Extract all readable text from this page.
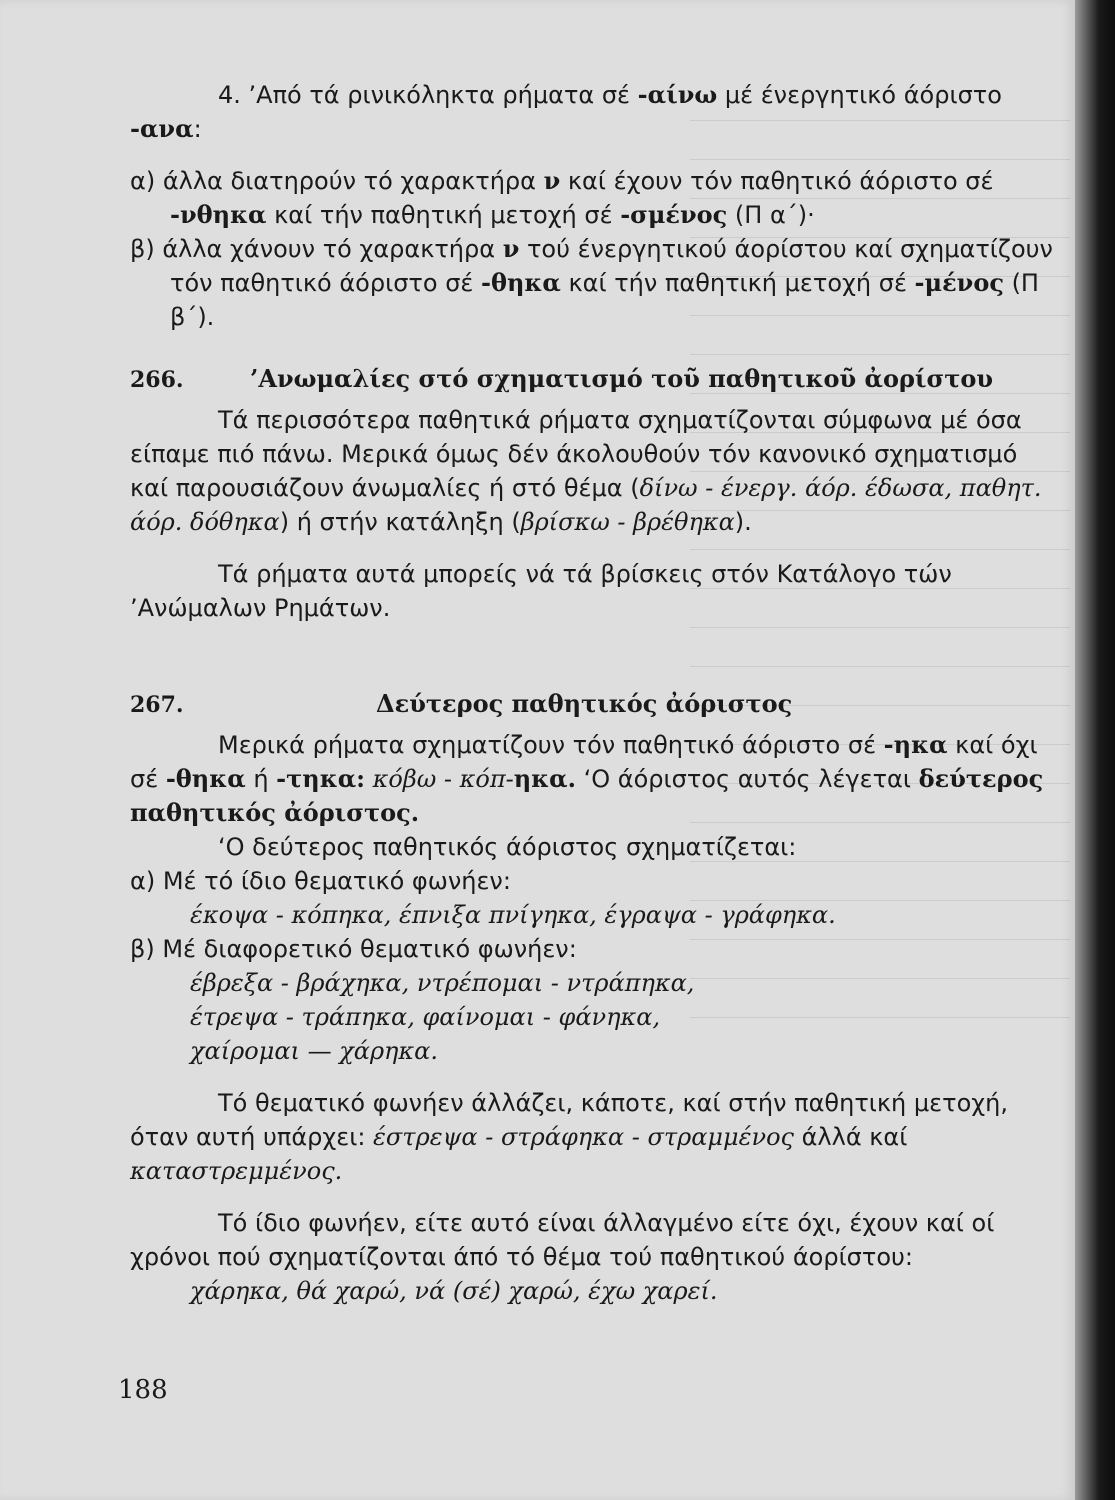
4. ’Από τά ρινικόληκτα ρήματα σέ -αίνω μέ ένεργητικό άόριστο
-ανα:

α) άλλα διατηρούν τό χαρακτήρα ν καί έχουν τόν παθητικό άόριστο σέ -νθηκα καί τήν παθητική μετοχή σέ -σμένος (Π α΄)·

β) άλλα χάνουν τό χαρακτήρα ν τού ένεργητικού άορίστου καί σχηματίζουν τόν παθητικό άόριστο σέ -θηκα καί τήν παθητική μετοχή σέ -μένος (Π β΄).

266.	’Ανωμαλίες στό σχηματισμό τοῦ παθητικοῦ ἀορίστου

Τά περισσότερα παθητικά ρήματα σχηματίζονται σύμφωνα μέ όσα είπαμε πιό πάνω. Μερικά όμως δέν άκολουθούν τόν κανονικό σχηματισμό καί παρουσιάζουν άνωμαλίες ή στό θέμα (δίνω - ένεργ. άόρ. έδωσα, παθητ. άόρ. δόθηκα) ή στήν κατάληξη (βρίσκω - βρέθηκα).

Τά ρήματα αυτά μπορείς νά τά βρίσκεις στόν Κατάλογο τών ’Ανώμαλων Ρημάτων.

267.	Δεύτερος παθητικός ἀόριστος

Μερικά ρήματα σχηματίζουν τόν παθητικό άόριστο σέ -ηκα καί όχι σέ -θηκα ή -τηκα: κόβω - κόπ-ηκα. ‘Ο άόριστος αυτός λέγεται δεύτερος παθητικός ἀόριστος.

‘Ο δεύτερος παθητικός άόριστος σχηματίζεται:

α) Μέ τό ίδιο θεματικό φωνήεν:

έκοψα - κόπηκα, έπνιξα πνίγηκα, έγραψα - γράφηκα.

β) Μέ διαφορετικό θεματικό φωνήεν:

έβρεξα - βράχηκα, ντρέπομαι - ντράπηκα,

έτρεψα - τράπηκα, φαίνομαι - φάνηκα,

χαίρομαι — χάρηκα.

Τό θεματικό φωνήεν άλλάζει, κάποτε, καί στήν παθητική μετοχή, όταν αυτή υπάρχει: έστρεψα - στράφηκα - στραμμένος άλλά καί καταστρεμμένος.

Τό ίδιο φωνήεν, είτε αυτό είναι άλλαγμένο είτε όχι, έχουν καί οί χρόνοι πού σχηματίζονται άπό τό θέμα τού παθητικού άορίστου:

χάρηκα, θά χαρώ, νά (σέ) χαρώ, έχω χαρεί.

188
